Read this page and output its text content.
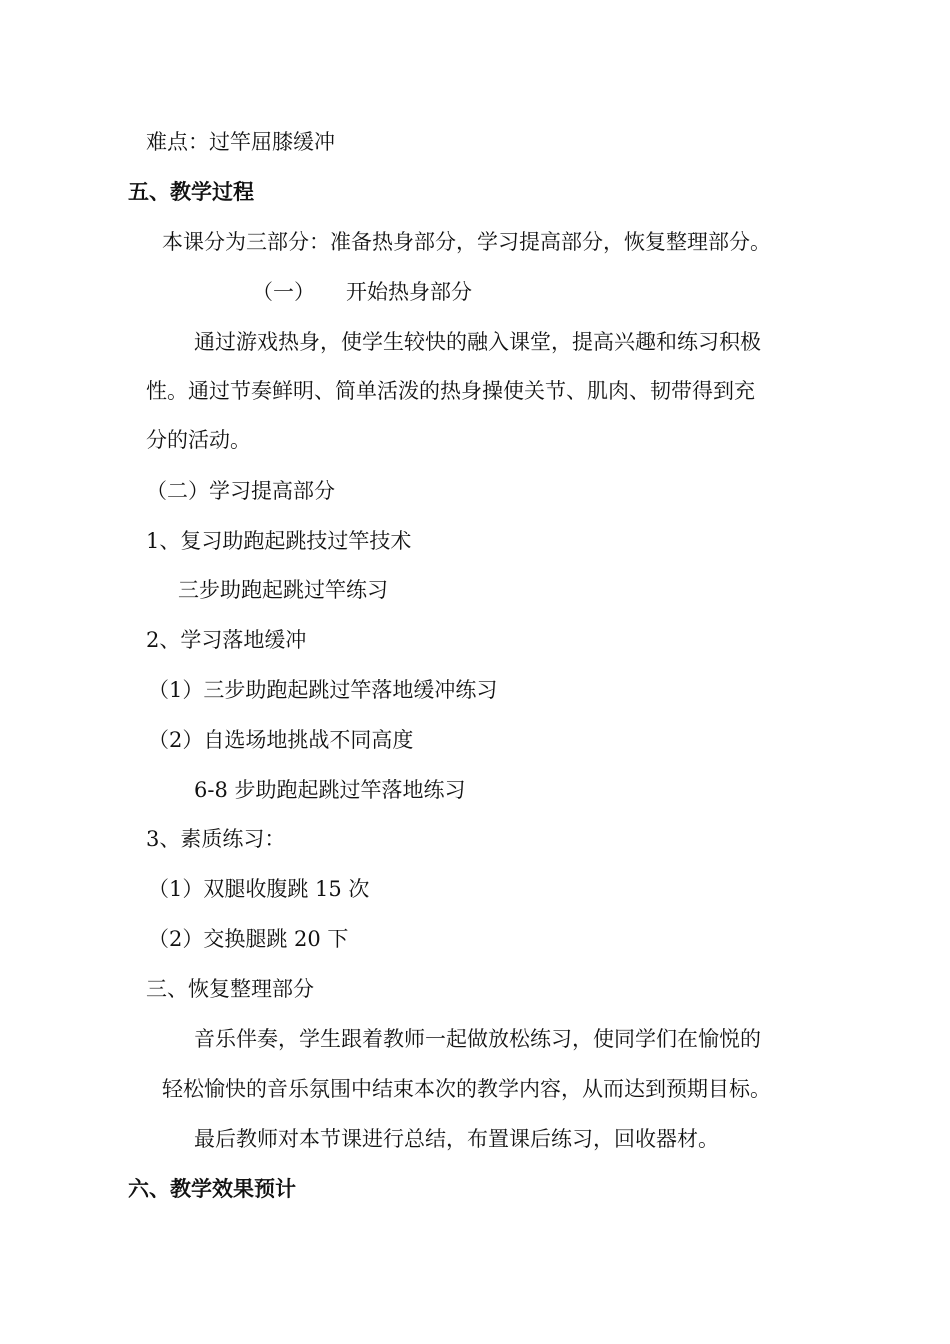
难点：过竿屈膝缓冲

五、教学过程

本课分为三部分：准备热身部分，学习提高部分，恢复整理部分。

（一） 开始热身部分

通过游戏热身，使学生较快的融入课堂，提高兴趣和练习积极

性。通过节奏鲜明、简单活泼的热身操使关节、肌肉、韧带得到充

分的活动。

（二）学习提高部分

1、复习助跑起跳技过竿技术

三步助跑起跳过竿练习

2、学习落地缓冲

（1）三步助跑起跳过竿落地缓冲练习

（2）自选场地挑战不同高度

6-8 步助跑起跳过竿落地练习

3、素质练习：

（1）双腿收腹跳 15 次

（2）交换腿跳 20 下

三、恢复整理部分

音乐伴奏，学生跟着教师一起做放松练习，使同学们在愉悦的

轻松愉快的音乐氛围中结束本次的教学内容，从而达到预期目标。

最后教师对本节课进行总结，布置课后练习，回收器材。

六、教学效果预计
